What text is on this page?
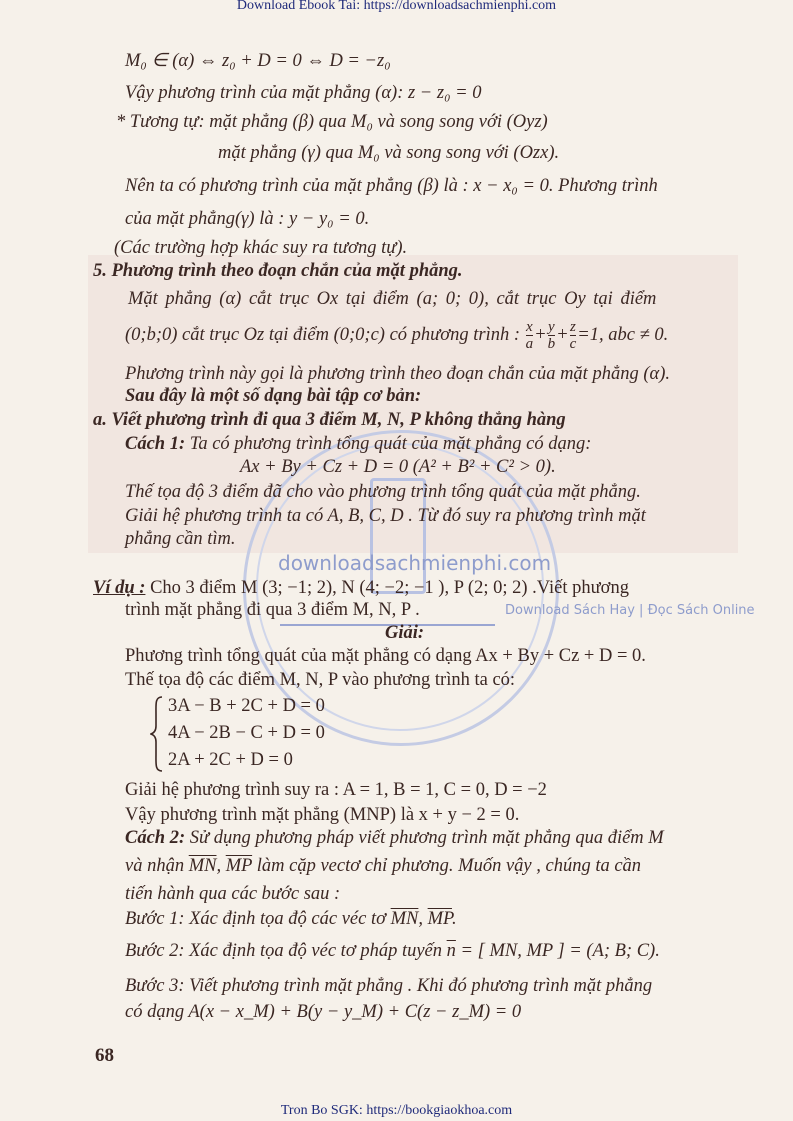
Download Ebook Tai: https://downloadsachmienphi.com
M₀ ∈ (α) ⇔ z₀ + D = 0 ⇔ D = −z₀
Vậy phương trình của mặt phẳng (α): z − z₀ = 0
* Tương tự: mặt phẳng (β) qua M₀ và song song với (Oyz)
mặt phẳng (γ) qua M₀ và song song với (Ozx).
Nên ta có phương trình của mặt phẳng (β) là : x − x₀ = 0. Phương trình
của mặt phẳng(γ) là : y − y₀ = 0.
(Các trường hợp khác suy ra tương tự).
5. Phương trình theo đoạn chắn của mặt phẳng.
Mặt phẳng (α) cắt trục Ox tại điểm (a; 0; 0), cắt trục Oy tại điểm
(0;b;0) cắt trục Oz tại điểm (0;0;c) có phương trình : $\frac{x}{a} + \frac{y}{b} + \frac{z}{c} =1$, abc ≠ 0.
Phương trình này gọi là phương trình theo đoạn chắn của mặt phẳng (α).
Sau đây là một số dạng bài tập cơ bản:
a. Viết phương trình đi qua 3 điểm M, N, P không thẳng hàng
Cách 1: Ta có phương trình tổng quát của mặt phẳng có dạng:
Ax + By + Cz + D = 0 (A² + B² + C² > 0).
Thế tọa độ 3 điểm đã cho vào phương trình tổng quát của mặt phẳng.
Giải hệ phương trình ta có A, B, C, D . Từ đó suy ra phương trình mặt
phẳng cần tìm.
downloadsachmienphi.com
Ví dụ : Cho 3 điểm M (3; −1; 2), N (4; −2; −1 ), P (2; 0; 2) .Viết phương
trình mặt phẳng đi qua 3 điểm M, N, P .	Download Sách Hay | Đọc Sách Online
Giải:
Phương trình tổng quát của mặt phẳng có dạng Ax + By + Cz + D = 0.
Thế tọa độ các điểm M, N, P vào phương trình ta có:
3A − B + 2C + D = 0
4A − 2B − C + D = 0
2A + 2C + D = 0
Giải hệ phương trình suy ra : A = 1, B = 1, C = 0, D = −2
Vậy phương trình mặt phẳng (MNP) là x + y − 2 = 0.
Cách 2: Sử dụng phương pháp viết phương trình mặt phẳng qua điểm M
và nhận $\overline{MN}$, $\overline{MP}$ làm cặp vectơ chỉ phương. Muốn vậy , chúng ta cần
tiến hành qua các bước sau :
Bước 1: Xác định tọa độ các véc tơ $\overline{MN}$, $\overline{MP}$.
Bước 2: Xác định tọa độ véc tơ pháp tuyến $\overline{n}$ = [ MN, MP ] = (A; B; C).
Bước 3: Viết phương trình mặt phẳng . Khi đó phương trình mặt phẳng
có dạng A(x − x_M) + B(y − y_M) + C(z − z_M) = 0
68
Tron Bo SGK: https://bookgiaokhoa.com
